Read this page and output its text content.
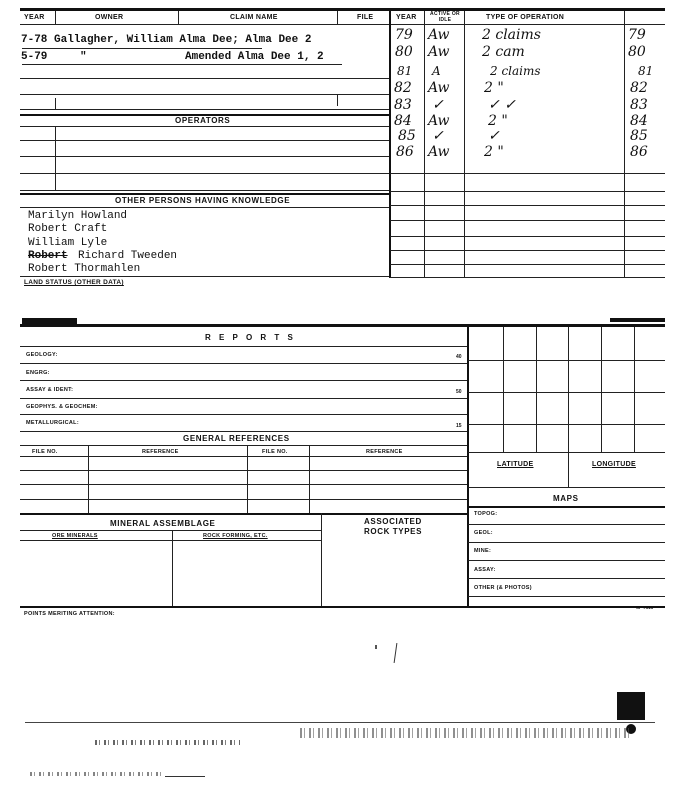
YEAR	OWNER	CLAIM NAME	FILE	YEAR	ACTIVE OR IDLE	TYPE OF OPERATION
7-78 Gallagher, William Alma Dee; Alma Dee 2
5-79	"	Amended Alma Dee 1, 2
79 Aw 2 claims	79
80 Aw 2 cam	80
81 A	2 claims	81
82 Aw 2 "	82
83 ✓	✓ ✓	83
84 Aw	2 "	84
85 ✓	✓	85
86 Aw 2 "	86
OPERATORS
OTHER PERSONS HAVING KNOWLEDGE
Marilyn Howland
Robert Craft
William Lyle
Robert Richard Tweeden
Robert Thormahlen
LAND STATUS (OTHER DATA)
R E P O R T S
GEOLOGY:	40
ENGRG:
ASSAY & IDENT:	50
GEOPHYS. & GEOCHEM:
METALLURGICAL:	15
GENERAL REFERENCES
FILE NO.	REFERENCE	FILE NO.	REFERENCE
LATITUDE	LONGITUDE
MAPS
TOPOG:
GEOL:
MINE:
ASSAY:
OTHER (& PHOTOS)
MINERAL ASSEMBLAGE
ORE MINERALS	ROCK FORMING, ETC.
ASSOCIATED
ROCK TYPES
POINTS MERITING ATTENTION:
SP 7515
